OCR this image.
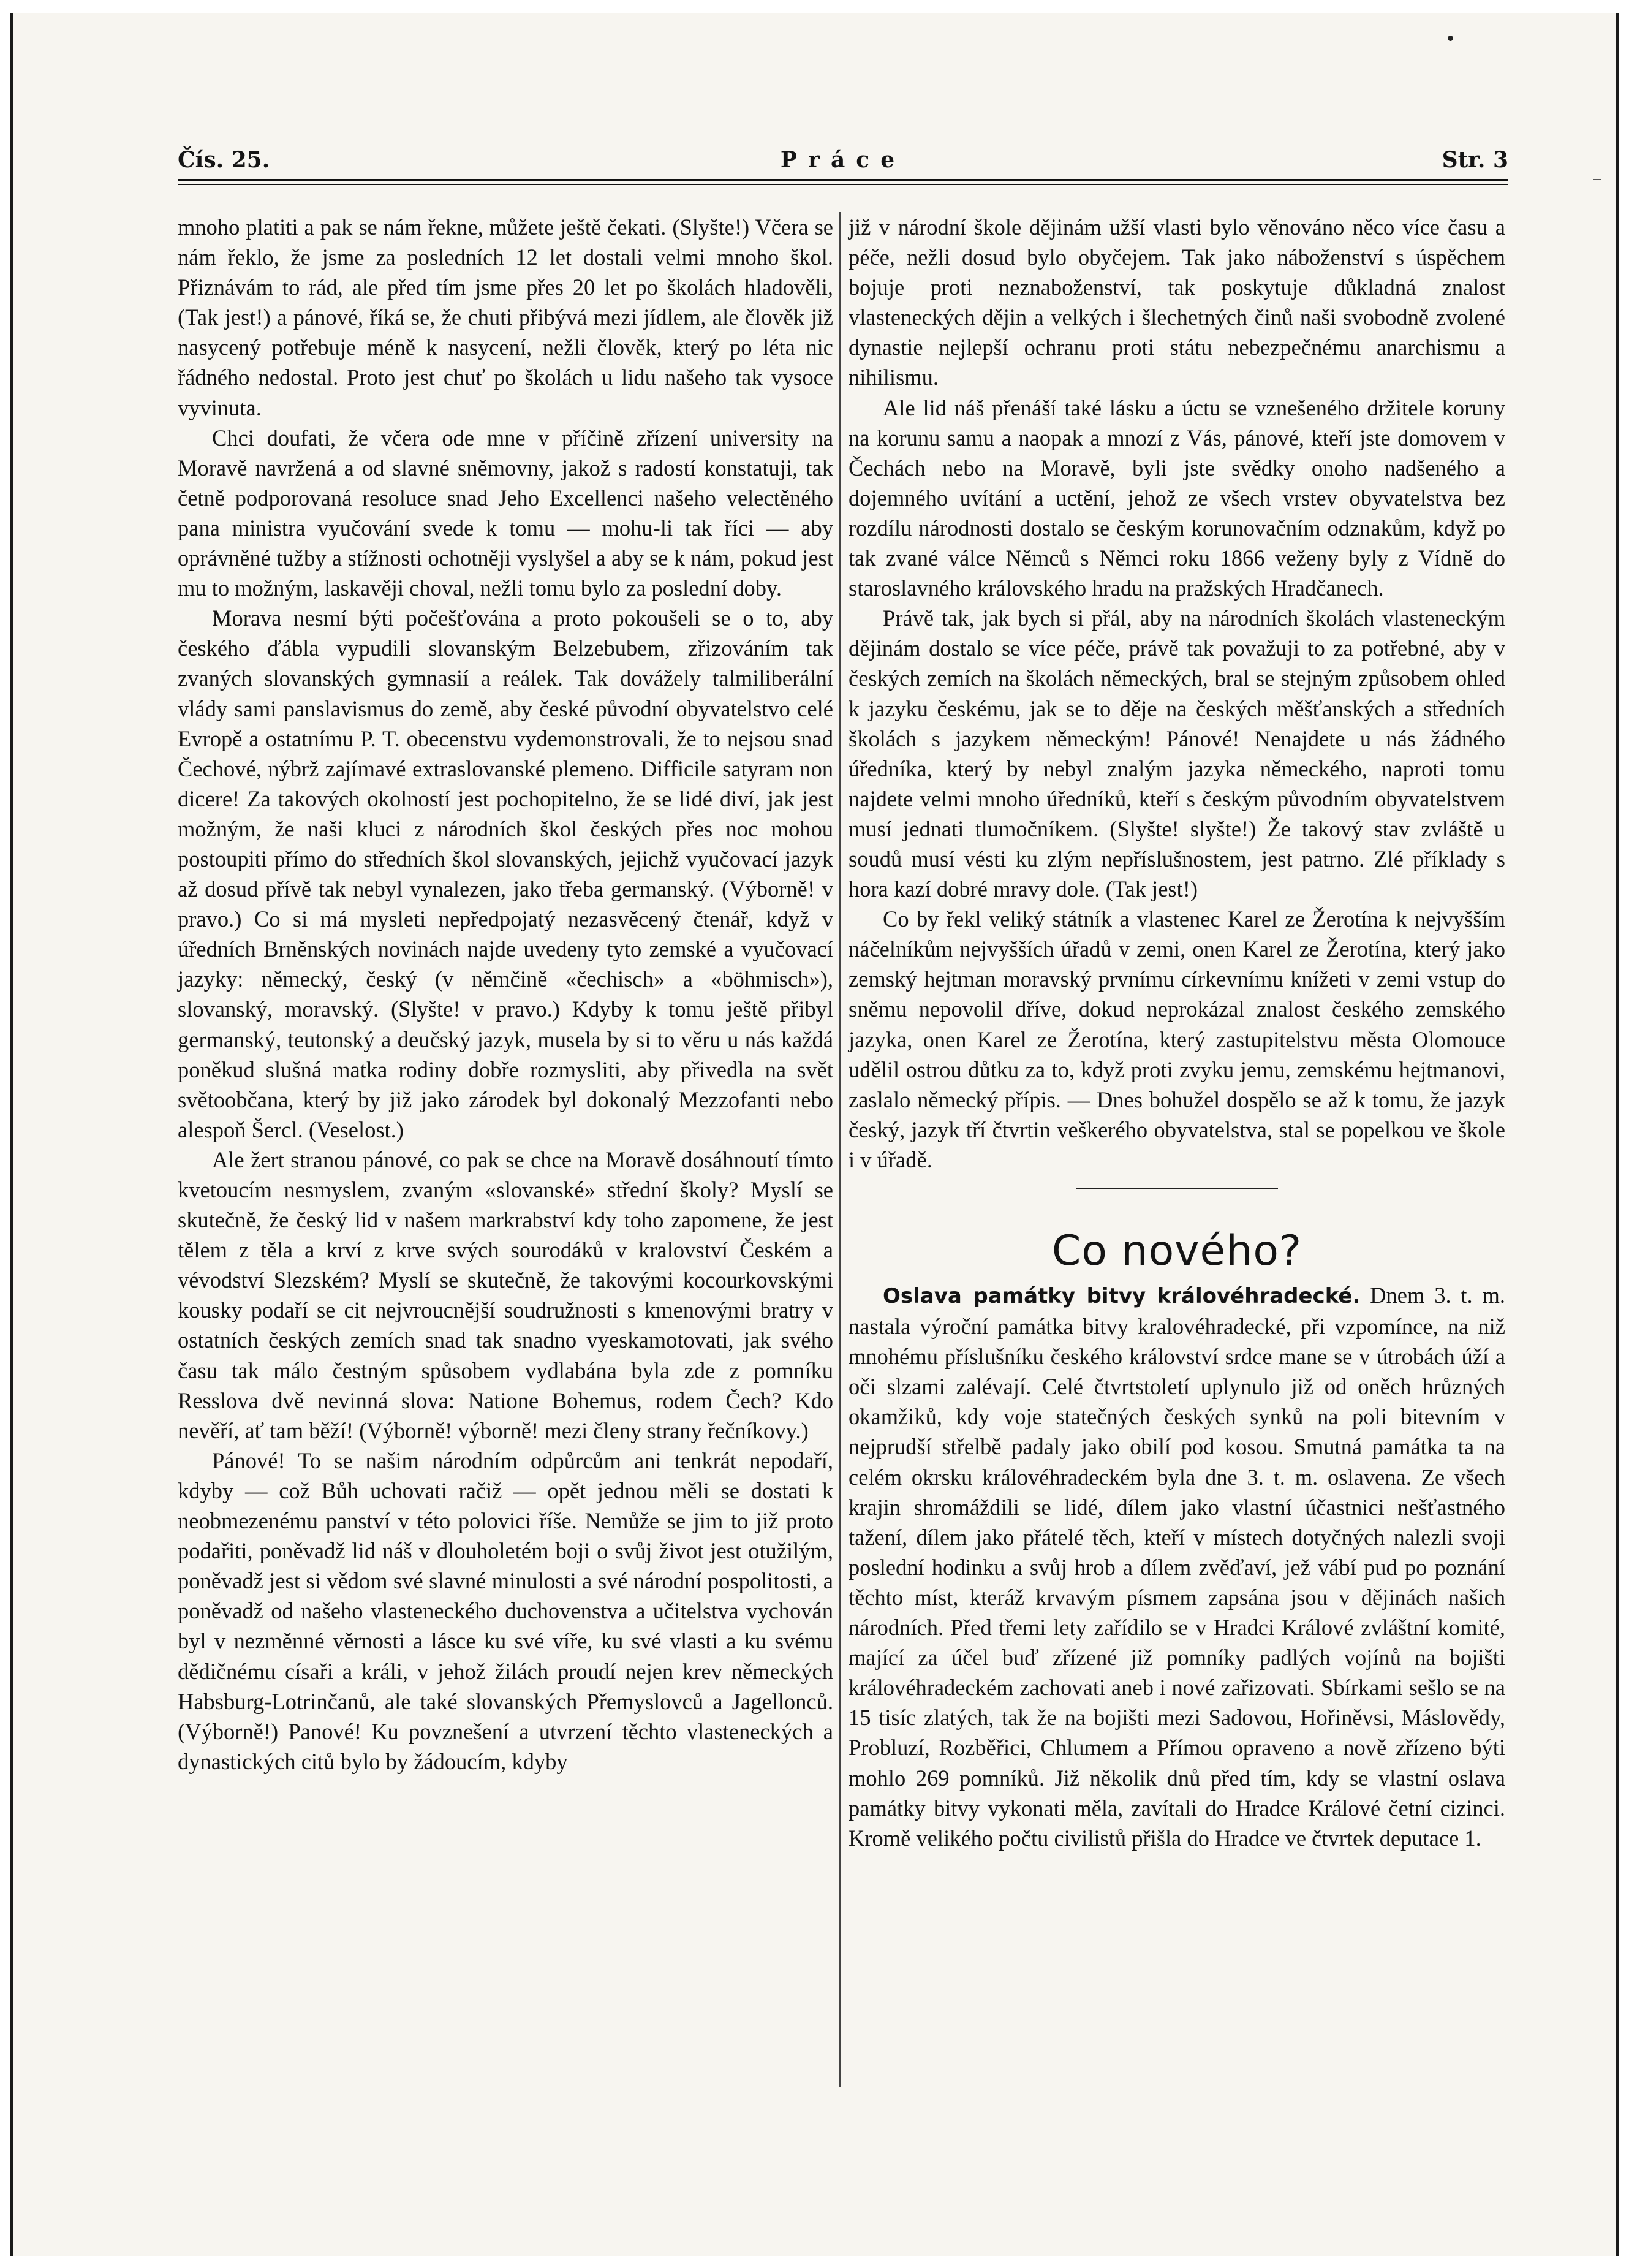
Čís. 25.	Práce	Str. 3

mnoho platiti a pak se nám řekne, můžete ještě čekati. (Slyšte!) Včera se nám řeklo, že jsme za posledních 12 let dostali velmi mnoho škol. Přiznávám to rád, ale před tím jsme přes 20 let po školách hladověli, (Tak jest!) a pánové, říká se, že chuti přibývá mezi jídlem, ale člověk již nasycený potřebuje méně k nasycení, nežli člověk, který po léta nic řádného nedostal. Proto jest chuť po školách u lidu našeho tak vysoce vyvinuta.

Chci doufati, že včera ode mne v příčině zřízení university na Moravě navržená a od slavné sněmovny, jakož s radostí konstatuji, tak četně podporovaná resoluce snad Jeho Excellenci našeho velectěného pana ministra vyučování svede k tomu — mohu-li tak říci — aby oprávněné tužby a stížnosti ochotněji vyslyšel a aby se k nám, pokud jest mu to možným, laskavěji choval, nežli tomu bylo za poslední doby.

Morava nesmí býti počešťována a proto pokoušeli se o to, aby českého ďábla vypudili slovanským Belzebubem, zřizováním tak zvaných slovanských gymnasií a reálek. Tak dovážely talmiliberální vlády sami panslavismus do země, aby české původní obyvatelstvo celé Evropě a ostatnímu P. T. obecenstvu vydemonstrovali, že to nejsou snad Čechové, nýbrž zajímavé extraslovanské plemeno. Difficile satyram non dicere! Za takových okolností jest pochopitelno, že se lidé diví, jak jest možným, že naši kluci z národních škol českých přes noc mohou postoupiti přímo do středních škol slovanských, jejichž vyučovací jazyk až dosud přívě tak nebyl vynalezen, jako třeba germanský. (Výborně! v pravo.) Co si má mysleti nepředpojatý nezasvěcený čtenář, když v úředních Brněnských novinách najde uvedeny tyto zemské a vyučovací jazyky: německý, český (v němčině «čechisch» a «böhmisch»), slovanský, moravský. (Slyšte! v pravo.) Kdyby k tomu ještě přibyl germanský, teutonský a deučský jazyk, musela by si to věru u nás každá poněkud slušná matka rodiny dobře rozmysliti, aby přivedla na svět světoobčana, který by již jako zárodek byl dokonalý Mezzofanti nebo alespoň Šercl. (Veselost.)

Ale žert stranou pánové, co pak se chce na Moravě dosáhnoutí tímto kvetoucím nesmyslem, zvaným «slovanské» střední školy? Myslí se skutečně, že český lid v našem markrabství kdy toho zapomene, že jest tělem z těla a krví z krve svých sourodáků v kralovství Českém a vévodství Slezském? Myslí se skutečně, že takovými kocourkovskými kousky podaří se cit nejvroucnější soudružnosti s kmenovými bratry v ostatních českých zemích snad tak snadno vyeskamotovati, jak svého času tak málo čestným spůsobem vydlabána byla zde z pomníku Resslova dvě nevinná slova: Natione Bohemus, rodem Čech? Kdo nevěří, ať tam běží! (Výborně! výborně! mezi členy strany řečníkovy.)

Pánové! To se našim národním odpůrcům ani tenkrát nepodaří, kdyby — což Bůh uchovati račiž — opět jednou měli se dostati k neobmezenému panství v této polovici říše. Nemůže se jim to již proto podařiti, poněvadž lid náš v dlouholetém boji o svůj život jest otužilým, poněvadž jest si vědom své slavné minulosti a své národní pospolitosti, a poněvadž od našeho vlasteneckého duchovenstva a učitelstva vychován byl v nezměnné věrnosti a lásce ku své víře, ku své vlasti a ku svému dědičnému císaři a králi, v jehož žilách proudí nejen krev německých Habsburg-Lotrinčanů, ale také slovanských Přemyslovců a Jagellonců. (Výborně!) Panové! Ku povznešení a utvrzení těchto vlasteneckých a dynastických citů bylo by žádoucím, kdyby

již v národní škole dějinám užší vlasti bylo věnováno něco více času a péče, nežli dosud bylo obyčejem. Tak jako náboženství s úspěchem bojuje proti neznaboženství, tak poskytuje důkladná znalost vlasteneckých dějin a velkých i šlechetných činů naši svobodně zvolené dynastie nejlepší ochranu proti státu nebezpečnému anarchismu a nihilismu.

Ale lid náš přenáší také lásku a úctu se vznešeného držitele koruny na korunu samu a naopak a mnozí z Vás, pánové, kteří jste domovem v Čechách nebo na Moravě, byli jste svědky onoho nadšeného a dojemného uvítání a uctění, jehož ze všech vrstev obyvatelstva bez rozdílu národnosti dostalo se českým korunovačním odznakům, když po tak zvané válce Němců s Němci roku 1866 veženy byly z Vídně do staroslavného královského hradu na pražských Hradčanech.

Právě tak, jak bych si přál, aby na národních školách vlasteneckým dějinám dostalo se více péče, právě tak považuji to za potřebné, aby v českých zemích na školách německých, bral se stejným způsobem ohled k jazyku českému, jak se to děje na českých měšťanských a středních školách s jazykem německým! Pánové! Nenajdete u nás žádného úředníka, který by nebyl znalým jazyka německého, naproti tomu najdete velmi mnoho úředníků, kteří s českým původním obyvatelstvem musí jednati tlumočníkem. (Slyšte! slyšte!) Že takový stav zvláště u soudů musí vésti ku zlým nepříslušnostem, jest patrno. Zlé příklady s hora kazí dobré mravy dole. (Tak jest!)

Co by řekl veliký státník a vlastenec Karel ze Žerotína k nejvyšším náčelníkům nejvyšších úřadů v zemi, onen Karel ze Žerotína, který jako zemský hejtman moravský prvnímu církevnímu knížeti v zemi vstup do sněmu nepovolil dříve, dokud neprokázal znalost českého zemského jazyka, onen Karel ze Žerotína, který zastupitelstvu města Olomouce udělil ostrou důtku za to, když proti zvyku jemu, zemskému hejtmanovi, zaslalo německý přípis. — Dnes bohužel dospělo se až k tomu, že jazyk český, jazyk tří čtvrtin veškerého obyvatelstva, stal se popelkou ve škole i v úřadě.

Co nového?

Oslava památky bitvy královéhradecké. Dnem 3. t. m. nastala výroční památka bitvy kralovéhradecké, při vzpomínce, na niž mnohému příslušníku českého království srdce mane se v útrobách úží a oči slzami zalévají. Celé čtvrtstoletí uplynulo již od oněch hrůzných okamžiků, kdy voje statečných českých synků na poli bitevním v nejprudší střelbě padaly jako obilí pod kosou. Smutná památka ta na celém okrsku královéhradeckém byla dne 3. t. m. oslavena. Ze všech krajin shromáždili se lidé, dílem jako vlastní účastnici nešťastného tažení, dílem jako přátelé těch, kteří v místech dotyčných nalezli svoji poslední hodinku a svůj hrob a dílem zvěďaví, jež vábí pud po poznání těchto míst, kteráž krvavým písmem zapsána jsou v dějinách našich národních. Před třemi lety zařídilo se v Hradci Králové zvláštní komité, mající za účel buď zřízené již pomníky padlých vojínů na bojišti královéhradeckém zachovati aneb i nové zařizovati. Sbírkami sešlo se na 15 tisíc zlatých, tak že na bojišti mezi Sadovou, Hořiněvsi, Máslovědy, Probluzí, Rozběřici, Chlumem a Přímou opraveno a nově zřízeno býti mohlo 269 pomníků. Již několik dnů před tím, kdy se vlastní oslava památky bitvy vykonati měla, zavítali do Hradce Králové četní cizinci. Kromě velikého počtu civilistů přišla do Hradce ve čtvrtek deputace 1.
